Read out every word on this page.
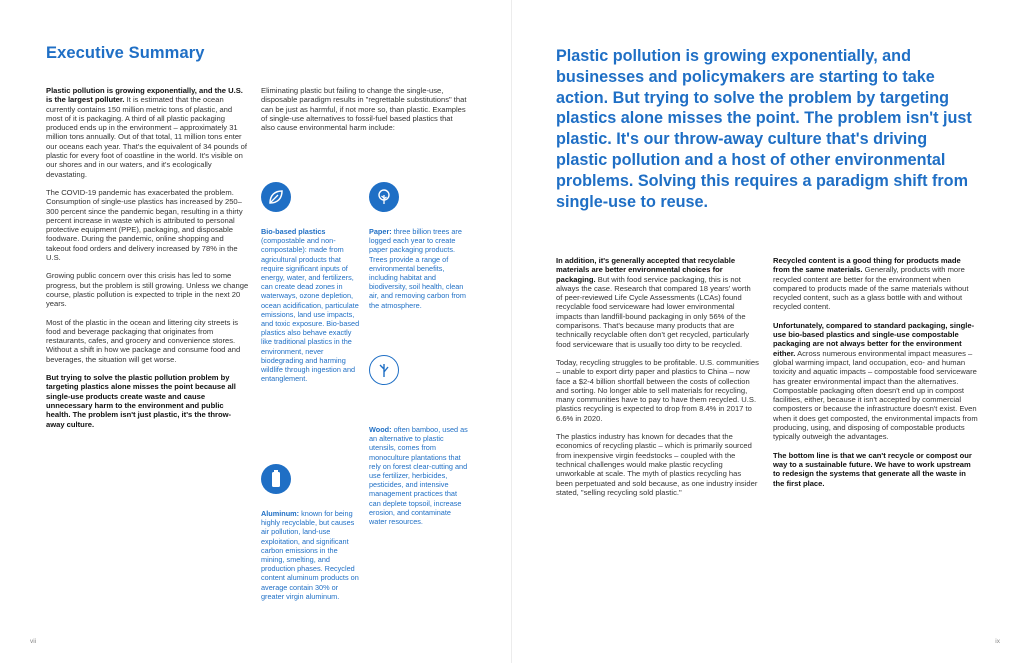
Executive Summary

Plastic pollution is growing exponentially, and the U.S. is the largest polluter. It is estimated that the ocean currently contains 150 million metric tons of plastic, and most of it is packaging. A third of all plastic packaging produced ends up in the environment – approximately 31 million tons annually. Out of that total, 11 million tons enter our oceans each year. That's the equivalent of 34 pounds of plastic for every foot of coastline in the world. It's visible on our shores and in our waters, and it's ecologically devastating.

The COVID-19 pandemic has exacerbated the problem. Consumption of single-use plastics has increased by 250–300 percent since the pandemic began, resulting in a thirty percent increase in waste which is attributed to personal protective equipment (PPE), packaging, and disposable foodware. During the pandemic, online shopping and takeout food orders and delivery increased by 78% in the U.S.

Growing public concern over this crisis has led to some progress, but the problem is still growing. Unless we change course, plastic pollution is expected to triple in the next 20 years.

Most of the plastic in the ocean and littering city streets is food and beverage packaging that originates from restaurants, cafes, and grocery and convenience stores. Without a shift in how we package and consume food and beverages, the situation will get worse.

But trying to solve the plastic pollution problem by targeting plastics alone misses the point because all single-use products create waste and cause unnecessary harm to the environment and public health. The problem isn't just plastic, it's the throw-away culture.

Eliminating plastic but failing to change the single-use, disposable paradigm results in "regrettable substitutions" that can be just as harmful, if not more so, than plastic. Examples of single-use alternatives to fossil-fuel based plastics that also cause environmental harm include:

Bio-based plastics (compostable and non-compostable): made from agricultural products that require significant inputs of energy, water, and fertilizers, can create dead zones in waterways, ozone depletion, ocean acidification, particulate emissions, land use impacts, and toxic exposure. Bio-based plastics also behave exactly like traditional plastics in the environment, never biodegrading and harming wildlife through ingestion and entanglement.
Paper: three billion trees are logged each year to create paper packaging products. Trees provide a range of environmental benefits, including habitat and biodiversity, soil health, clean air, and removing carbon from the atmosphere.
Wood: often bamboo, used as an alternative to plastic utensils, comes from monoculture plantations that rely on forest clear-cutting and use fertilizer, herbicides, pesticides, and intensive management practices that can deplete topsoil, increase erosion, and contaminate water resources.
Aluminum: known for being highly recyclable, but causes air pollution, land-use exploitation, and significant carbon emissions in the mining, smelting, and production phases. Recycled content aluminum products on average contain 30% or greater virgin aluminum.
vii	ix

Plastic pollution is growing exponentially, and businesses and policymakers are starting to take action. But trying to solve the problem by targeting plastics alone misses the point. The problem isn't just plastic. It's our throw-away culture that's driving plastic pollution and a host of other environmental problems. Solving this requires a paradigm shift from single-use to reuse.

In addition, it's generally accepted that recyclable materials are better environmental choices for packaging. But with food service packaging, this is not always the case. Research that compared 18 years' worth of peer-reviewed Life Cycle Assessments (LCAs) found recyclable food serviceware had lower environmental impacts than landfill-bound packaging in only 56% of the comparisons. That's because many products that are technically recyclable often don't get recycled, particularly food serviceware that is usually too dirty to be recycled.

Today, recycling struggles to be profitable. U.S. communities – unable to export dirty paper and plastics to China – now face a $2-4 billion shortfall between the costs of collection and sorting. No longer able to sell materials for recycling, many communities have to pay to have them recycled. U.S. plastics recycling is expected to drop from 8.4% in 2017 to 6.6% in 2020.

The plastics industry has known for decades that the economics of recycling plastic – which is primarily sourced from inexpensive virgin feedstocks – coupled with the technical challenges would make plastic recycling unworkable at scale. The myth of plastics recycling has been perpetuated and sold because, as one industry insider stated, "selling recycling sold plastic."

Recycled content is a good thing for products made from the same materials. Generally, products with more recycled content are better for the environment when compared to products made of the same materials without recycled content, such as a glass bottle with and without recycled content.

Unfortunately, compared to standard packaging, single-use bio-based plastics and single-use compostable packaging are not always better for the environment either. Across numerous environmental impact measures – global warming impact, land occupation, eco- and human toxicity and aquatic impacts – compostable food serviceware has greater environmental impact than the alternatives. Compostable packaging often doesn't end up in compost facilities, either, because it isn't accepted by commercial composters or because the infrastructure doesn't exist. Even when it does get composted, the environmental impacts from producing, using, and disposing of compostable products typically outweigh the advantages.

The bottom line is that we can't recycle or compost our way to a sustainable future. We have to work upstream to redesign the systems that generate all the waste in the first place.
